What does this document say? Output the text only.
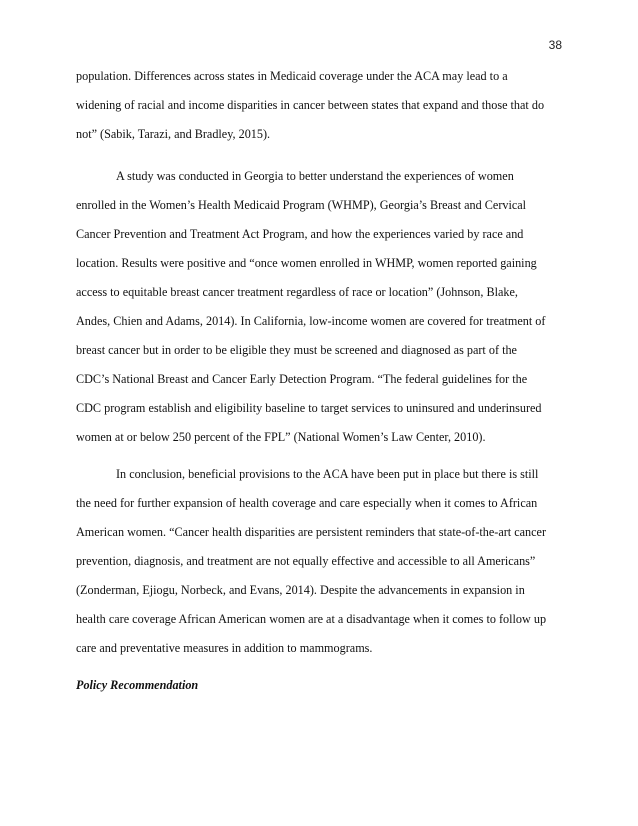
38
population. Differences across states in Medicaid coverage under the ACA may lead to a
widening of racial and income disparities in cancer between states that expand and those that do
not” (Sabik, Tarazi, and Bradley, 2015).
A study was conducted in Georgia to better understand the experiences of women
enrolled in the Women’s Health Medicaid Program (WHMP), Georgia’s Breast and Cervical
Cancer Prevention and Treatment Act Program, and how the experiences varied by race and
location. Results were positive and “once women enrolled in WHMP, women reported gaining
access to equitable breast cancer treatment regardless of race or location” (Johnson, Blake,
Andes, Chien and Adams, 2014). In California, low-income women are covered for treatment of
breast cancer but in order to be eligible they must be screened and diagnosed as part of the
CDC’s National Breast and Cancer Early Detection Program. “The federal guidelines for the
CDC program establish and eligibility baseline to target services to uninsured and underinsured
women at or below 250 percent of the FPL” (National Women’s Law Center, 2010).
In conclusion, beneficial provisions to the ACA have been put in place but there is still
the need for further expansion of health coverage and care especially when it comes to African
American women. “Cancer health disparities are persistent reminders that state-of-the-art cancer
prevention, diagnosis, and treatment are not equally effective and accessible to all Americans”
(Zonderman, Ejiogu, Norbeck, and Evans, 2014). Despite the advancements in expansion in
health care coverage African American women are at a disadvantage when it comes to follow up
care and preventative measures in addition to mammograms.
Policy Recommendation
